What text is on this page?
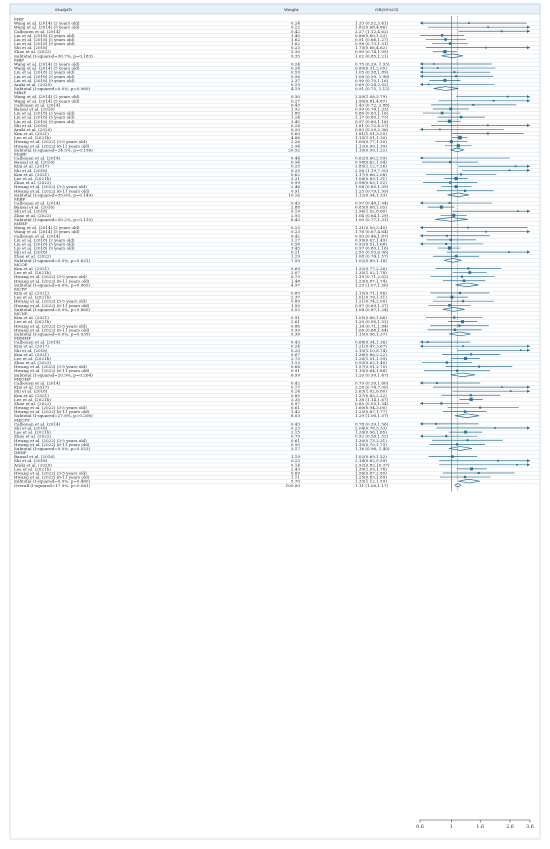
StudyID	Weight	OR(95%CI)
MEP
Wang et al. (2014) (2 years old)	0.24	1.33 (0.52,3.41)
Wang et al. (2014) (5 years old)	0.22	1.82(0.68,4.86)
Calbouen et al. (2014)	0.42	2.27 (1.12,4.62)
Liu et al. (2018) (2 years old)	1.40	0.86(0.60,1.23)
Liu et al. (2018) (5 years old)	1.62	0.91 (0.66,1.27)
Liu et al. (2018) (9 years old)	1.62	0.98 (0.73,1.31)
Shi et al. (2018)	0.23	1.75(0.66,4.62)
Zhao et al. (2022)	3.30	0.90 (0.74,1.09)
Subtotal (I-squared=30.7%, p=0.183)	9.35	1.02 (0.85,1.21)
MBP
Wang et al. (2014) (2 years old)	0.24	0.75 (0.29, 1.93)
Wang et al. (2014) (5 years old)	0.24	0.80(0.31,2.05)
Liu et al. (2018) (2 years old)	0.59	1.05 (0.58,1.89)
Liu et al. (2018) (5 years old)	0.56	1.08 (0.59, 1.98)
Liu et al. (2018) (9 years old)	2.37	0.90 (0.70,1.16)
Araki et al. (2020)	0.19	0.69 (0.24,2.02)
Subtotal (I-squared=0.0%, p=0.960)	4.19	0.91 (0.75, 1.12)
MBzP
Wang et al. (2014) (2 years old)	0.30	2.50(1.08,5.79)
Wang et al. (2014) (5 years old)	0.27	1.99(0.81,4.87)
Calbouen et al. (2014)	0.43	1.43 (0.72, 2.88)
Bansal et al. (2016)	1.92	0.99 (0.74,1.33)
Liu et al. (2018) (2 years old)	1.80	0.86 (0.63,1.16)
Liu et al. (2018) (5 years old)	1.24	1.17 (0.80,1.73)
Liu et al. (2018) (9 years old)	3.45	0.97 (0.80,1.16)
Shi et al. (2018)	0.28	1.81 (0.72,4.57)
Araki et al. (2020)	0.20	0.83 (0.29,2.36)
Kim et al. (2021)	0.60	1.81(1.01,3.25)
Lee et al. (2021b)	4.86	1.15(1.01,1.30)
Hwang et al. (2022) (3-5 years old)	2.26	1.00(0.77,1.30)
Hwang et al. (2022) (6-11 years old)	2.94	1.12(0.90,1.39)
Subtotal (I-squared=24.5%, p=0.196)	20.52	1.10(0.99,1.22)
MnBP
Calbouen et al. (2014)	0.44	0.62(0.60,2.59)
Bansal et al. (2016)	0.94	0.98(0.62,1.54)
Kim et al. (2017)	0.25	2.85(1.12,7.26)
Shi et al. (2018)	0.25	2.58 (1.19,7.50)
Kim et al. (2021)	0.62	1.17(0.66,2.08)
Lee et al. (2021b)	3.31	1.08(0.89,1.31)
Zhao et al. (2022)	0.99	0.98(0.63,1.52)
Hwang et al. (2022) (3-5 years old)	2.46	1.08 (0.85,1.39)
Hwang et al. (2022) (6-11 years old)	0.91	1.25 (0.79,1.99)
Subtotal (I-squared=35.6%, p=0.149)	10.16	1.12(0.94,1.33)
MiBP
Calbouen et al. (2014)	0.43	0.97 (0.48,1.94)
Bansal et al. (2016)	2.88	0.85(0.68,1.05)
Shi et al. (2018)	0.19	2.96(1.02,8.60)
Zhao et al. (2022)	2.93	1.04 (0.84,1.29)
Subtotal (I-squared=50.2%, p=0.110)	6.43	1.00 (0.77,1.31)
MEHP
Wang et al. (2014) (2 years old)	0.23	1.31(0.50,3.45)
Wang et al. (2014) (5 years old)	0.23	1.76 (0.67,4.64)
Calbouen et al. (2014)	0.42	0.93 (0.46,1.87)
Liu et al. (2018) (2 years old)	1.17	0.99(0.67,1.49)
Liu et al. (2018) (5 years old)	0.58	0.92(0.51,1.68)
Liu et al. (2018) (9 years old)	3.45	0.97 (0.80,1.16)
Shi et al. (2018)	0.21	2.55 (0.93,6.96)
Zhao et al. (2022)	1.29	1.08 (0.74,1.57)
Subtotal (I-squared=0.0%, p=0.631)	7.59	1.02(0.89,1.18)
MCOP
Kim et al. (2021)	0.69	1.32(0.77,2.26)
Lee et al. (2021b)	2.07	1.35(1.02,1.78)
Hwang et al. (2022) (3-5 years old)	0.73	1.19 (0.71,2.02)
Hwang et al. (2022) (6-11 years old)	1.48	1.23(0.87,1.74)
Subtotal (I-squared=0.0%, p=0.965)	4.97	1.29 (1.07,1.56)
MCPP
Kim et al. (2021)	0.85	1.15(0.71,1.86)
Lee et al. (2021b)	2.37	1.01(0.79,1.31)
Hwang et al. (2022) (3-5 years old)	0.80	1.21(0.74,2.00)
Hwang et al. (2022) (6-11 years old)	1.50	0.97 (0.69,1.37)
Subtotal (I-squared=0.0%, p=0.865)	5.52	1.04 (0.87,1.24)
MCNP
Kim et al. (2021)	0.91	1.05(0.66,1.66)
Lee et al. (2021b)	2.61	1.20 (0.95,1.52)
Hwang et al. (2022) (3-5 years old)	0.86	1.14 (0.71,1.84)
Hwang et al. (2022) (6-11 years old)	0.99	1.06 (0.68,1.64)
Subtotal (I-squared=0.0%, p=0.939)	5.38	1.15(0.96,1.37)
MEHHP
Calbouen et al. (2014)	0.43	0.68(0.34,1.36)
Kim et al. (2017)	0.24	1.21(0.47,3.67)
Shi et al. (2018)	0.20	3.10(1.10,8.74)
Kim et al. (2021)	0.67	1.38(0.86,2.22)
Lee et al. (2021b)	2.73	1.26(1.01,1.59)
Zhao et al. (2022)	1.13	0.93(0.62,1.40)
Hwang et al. (2022) (3-5 years old)	0.68	1.57(0.91,2.70)
Hwang et al. (2022) (6-11 years old)	0.91	1.10(0.64,1.88)
Subtotal (I-squared=20.9%, p=0.264)	6.99	1.20 (0.99,1.47)
MEOHP
Calbouen et al. (2014)	0.42	0.79 (0.39,1.60)
Kim et al. (2017)	0.17	2.28 (0.74,7.00)
Shi et al. (2018)	0.24	2.63(1.02,6.80)
Kim et al. (2021)	0.85	1.37(0.85,2.22)
Lee et al. (2021b)	3.35	1.38 (1.14,1.67)
Zhao et al. (2022)	0.97	0.85 (0.55,1.34)
Hwang et al. (2022) (3-5 years old)	0.61	1.60(0.94,3.00)
Hwang et al. (2022) (6-11 years old)	1.42	1.25(0.87,1.77)
Subtotal (I-squared=27.8%, p=0.206)	8.03	1.29 (1.06,1.57)
MECPP
Calbouen et al. (2014)	0.43	0.78 (0.39,1.56)
Shi et al. (2018)	0.23	2.04(0.78,5.33)
Lee et al. (2021b)	2.15	1.26(0.96,1.65)
Zhao et al. (2022)	0.79	0.92 (0.56,1.52)
Hwang et al. (2022) (3-5 years old)	0.61	1.30(0.73,2.31)
Hwang et al. (2022) (6-11 years old)	0.95	1.10(0.70,1.73)
Subtotal (I-squared=0.0%, p=0.553)	5.17	1.16 (0.96, 1.40)
DEHP
Bansal et al. (2016)	1.19	1.02(0.69,1.52)
Shi et al. (2018)	0.23	2.14(0.82,5.59)
Araki et al. (2020)	0.14	2.92(0.82,10.37)
Lee et al. (2021b)	2.43	1.39(1.09,1.78)
Hwang et al. (2022) (3-5 years old)	0.69	1.56(0.87,2.80)
Hwang et al. (2022) (6-11 years old)	1.11	1.25(0.83,1.89)
Subtotal (I-squared=0.0%, p=0.460)	5.70	1.33(1.12,1.59)
Overall (I-squared=17.9%, p=0.081)	100.00	1.11 (1.06,1.17)
0.6	1	1.6	2.6	3.6
